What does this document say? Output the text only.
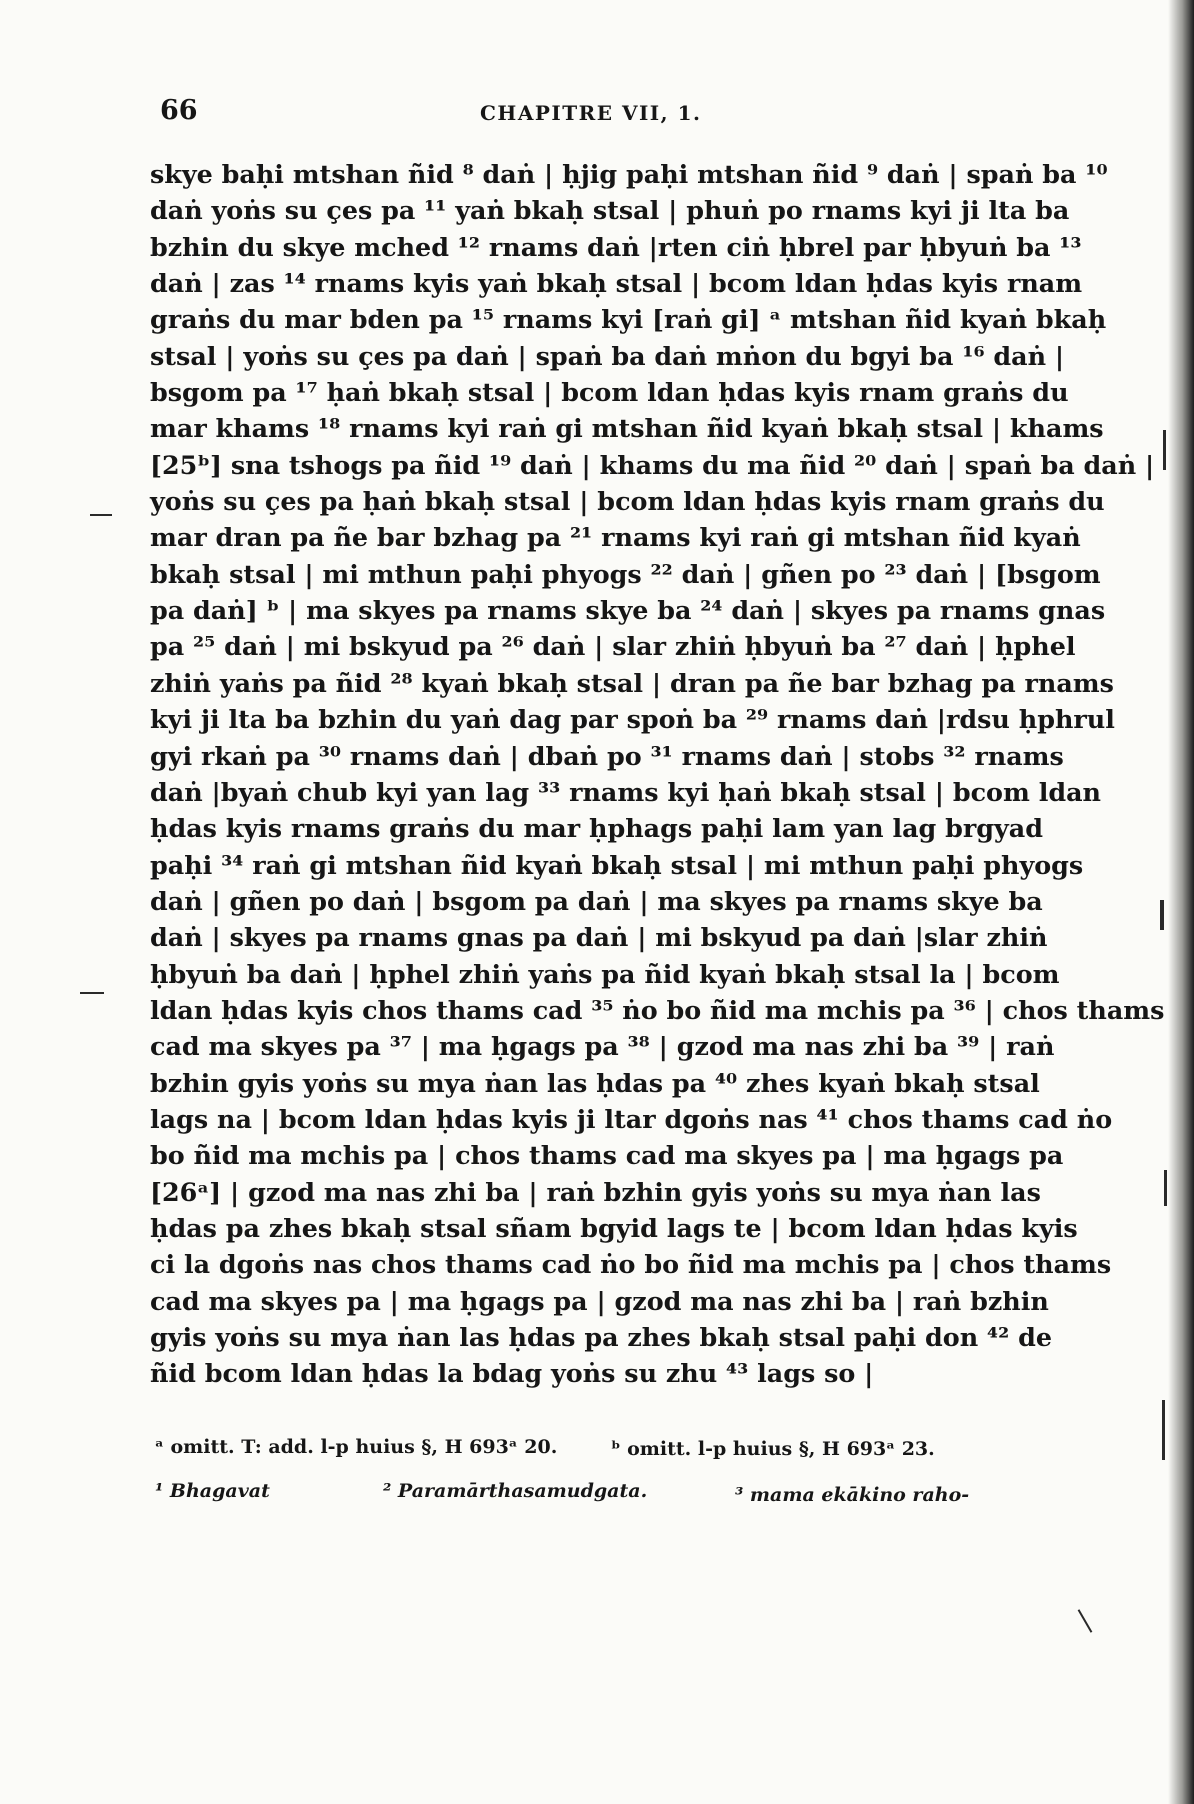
66	CHAPITRE VII, 1.
skye baḥi mtshan ñid ⁸ daṅ | ḥjig paḥi mtshan ñid ⁹ daṅ | spaṅ ba ¹⁰
daṅ yoṅs su çes pa ¹¹ yaṅ bkaḥ stsal | phuṅ po rnams kyi ji lta ba
bzhin du skye mched ¹² rnams daṅ |rten ciṅ ḥbrel par ḥbyuṅ ba ¹³
daṅ | zas ¹⁴ rnams kyis yaṅ bkaḥ stsal | bcom ldan ḥdas kyis rnam
graṅs du mar bden pa ¹⁵ rnams kyi [raṅ gi] ᵃ mtshan ñid kyaṅ bkaḥ
stsal | yoṅs su çes pa daṅ | spaṅ ba daṅ mṅon du bgyi ba ¹⁶ daṅ |
bsgom pa ¹⁷ ḥaṅ bkaḥ stsal | bcom ldan ḥdas kyis rnam graṅs du
mar khams ¹⁸ rnams kyi raṅ gi mtshan ñid kyaṅ bkaḥ stsal | khams
[25ᵇ] sna tshogs pa ñid ¹⁹ daṅ | khams du ma ñid ²⁰ daṅ | spaṅ ba daṅ |
yoṅs su çes pa ḥaṅ bkaḥ stsal | bcom ldan ḥdas kyis rnam graṅs du
mar dran pa ñe bar bzhag pa ²¹ rnams kyi raṅ gi mtshan ñid kyaṅ
bkaḥ stsal | mi mthun paḥi phyogs ²² daṅ | gñen po ²³ daṅ | [bsgom
pa daṅ] ᵇ | ma skyes pa rnams skye ba ²⁴ daṅ | skyes pa rnams gnas
pa ²⁵ daṅ | mi bskyud pa ²⁶ daṅ | slar zhiṅ ḥbyuṅ ba ²⁷ daṅ | ḥphel
zhiṅ yaṅs pa ñid ²⁸ kyaṅ bkaḥ stsal | dran pa ñe bar bzhag pa rnams
kyi ji lta ba bzhin du yaṅ dag par spoṅ ba ²⁹ rnams daṅ |rdsu ḥphrul
gyi rkaṅ pa ³⁰ rnams daṅ | dbaṅ po ³¹ rnams daṅ | stobs ³² rnams
daṅ |byaṅ chub kyi yan lag ³³ rnams kyi ḥaṅ bkaḥ stsal | bcom ldan
ḥdas kyis rnams graṅs du mar ḥphags paḥi lam yan lag brgyad
paḥi ³⁴ raṅ gi mtshan ñid kyaṅ bkaḥ stsal | mi mthun paḥi phyogs
daṅ | gñen po daṅ | bsgom pa daṅ | ma skyes pa rnams skye ba
daṅ | skyes pa rnams gnas pa daṅ | mi bskyud pa daṅ |slar zhiṅ
ḥbyuṅ ba daṅ | ḥphel zhiṅ yaṅs pa ñid kyaṅ bkaḥ stsal la | bcom
ldan ḥdas kyis chos thams cad ³⁵ ṅo bo ñid ma mchis pa ³⁶ | chos thams
cad ma skyes pa ³⁷ | ma ḥgags pa ³⁸ | gzod ma nas zhi ba ³⁹ | raṅ
bzhin gyis yoṅs su mya ṅan las ḥdas pa ⁴⁰ zhes kyaṅ bkaḥ stsal
lags na | bcom ldan ḥdas kyis ji ltar dgoṅs nas ⁴¹ chos thams cad ṅo
bo ñid ma mchis pa | chos thams cad ma skyes pa | ma ḥgags pa
[26ᵃ] | gzod ma nas zhi ba | raṅ bzhin gyis yoṅs su mya ṅan las
ḥdas pa zhes bkaḥ stsal sñam bgyid lags te | bcom ldan ḥdas kyis
ci la dgoṅs nas chos thams cad ṅo bo ñid ma mchis pa | chos thams
cad ma skyes pa | ma ḥgags pa | gzod ma nas zhi ba | raṅ bzhin
gyis yoṅs su mya ṅan las ḥdas pa zhes bkaḥ stsal paḥi don ⁴² de
ñid bcom ldan ḥdas la bdag yoṅs su zhu ⁴³ lags so |
ᵃ omitt. T: add. l-p huius §, H 693ᵃ 20.	ᵇ omitt. l-p huius §, H 693ᵃ 23.
¹ Bhagavat	² Paramārthasamudgata.	³ mama ekākino raho-
